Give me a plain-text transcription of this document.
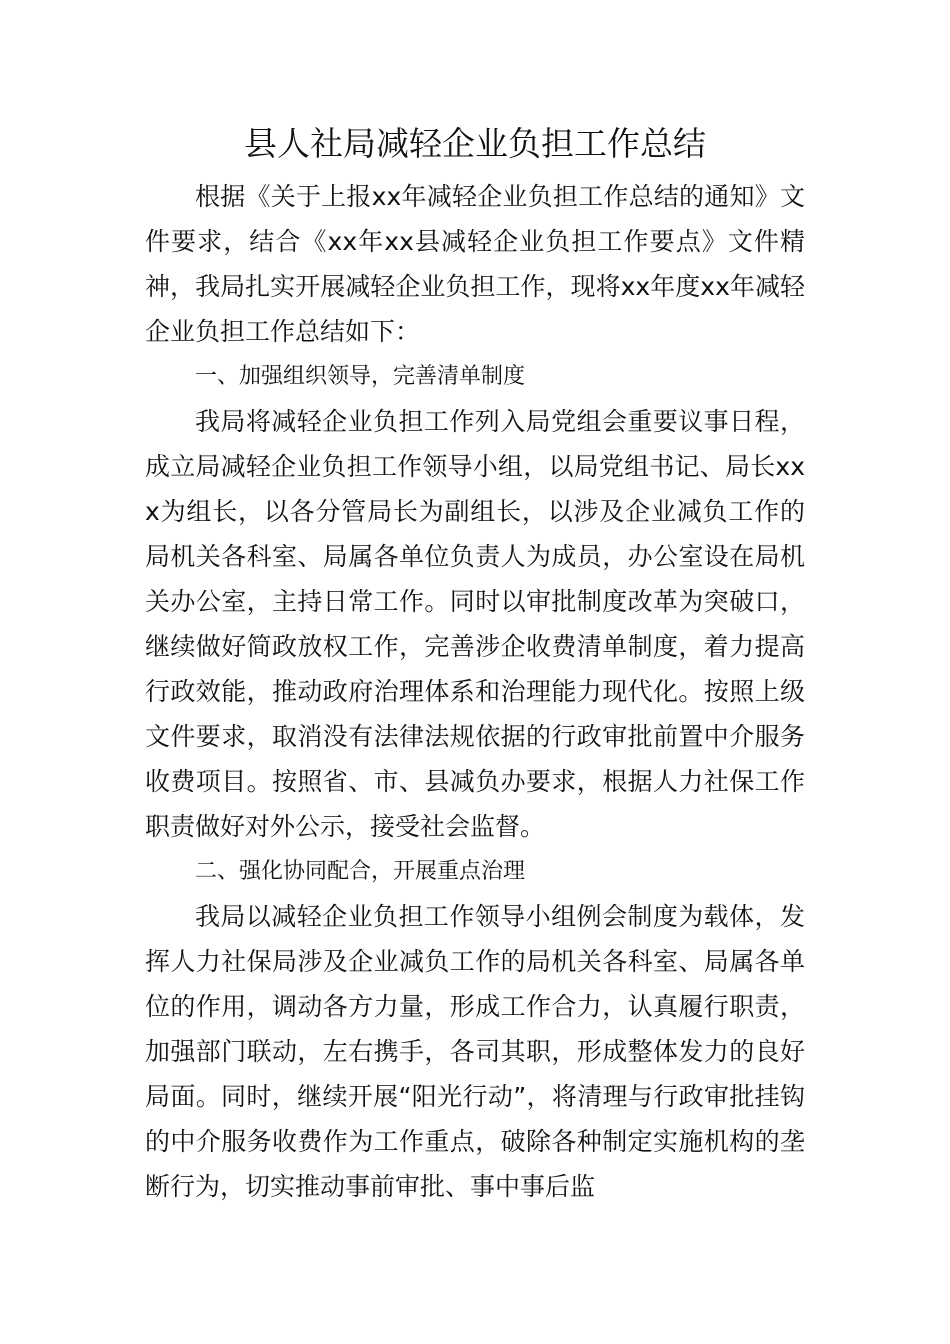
县人社局减轻企业负担工作总结

根据《关于上报xx年减轻企业负担工作总结的通知》文件要求，结合《xx年xx县减轻企业负担工作要点》文件精神，我局扎实开展减轻企业负担工作，现将xx年度xx年减轻企业负担工作总结如下：

一、加强组织领导，完善清单制度

我局将减轻企业负担工作列入局党组会重要议事日程，成立局减轻企业负担工作领导小组，以局党组书记、局长xxx为组长，以各分管局长为副组长，以涉及企业减负工作的局机关各科室、局属各单位负责人为成员，办公室设在局机关办公室，主持日常工作。同时以审批制度改革为突破口，继续做好简政放权工作，完善涉企收费清单制度，着力提高行政效能，推动政府治理体系和治理能力现代化。按照上级文件要求，取消没有法律法规依据的行政审批前置中介服务收费项目。按照省、市、县减负办要求，根据人力社保工作职责做好对外公示，接受社会监督。

二、强化协同配合，开展重点治理

我局以减轻企业负担工作领导小组例会制度为载体，发挥人力社保局涉及企业减负工作的局机关各科室、局属各单位的作用，调动各方力量，形成工作合力，认真履行职责，加强部门联动，左右携手，各司其职，形成整体发力的良好局面。同时，继续开展“阳光行动”，将清理与行政审批挂钩的中介服务收费作为工作重点，破除各种制定实施机构的垄断行为，切实推动事前审批、事中事后监
